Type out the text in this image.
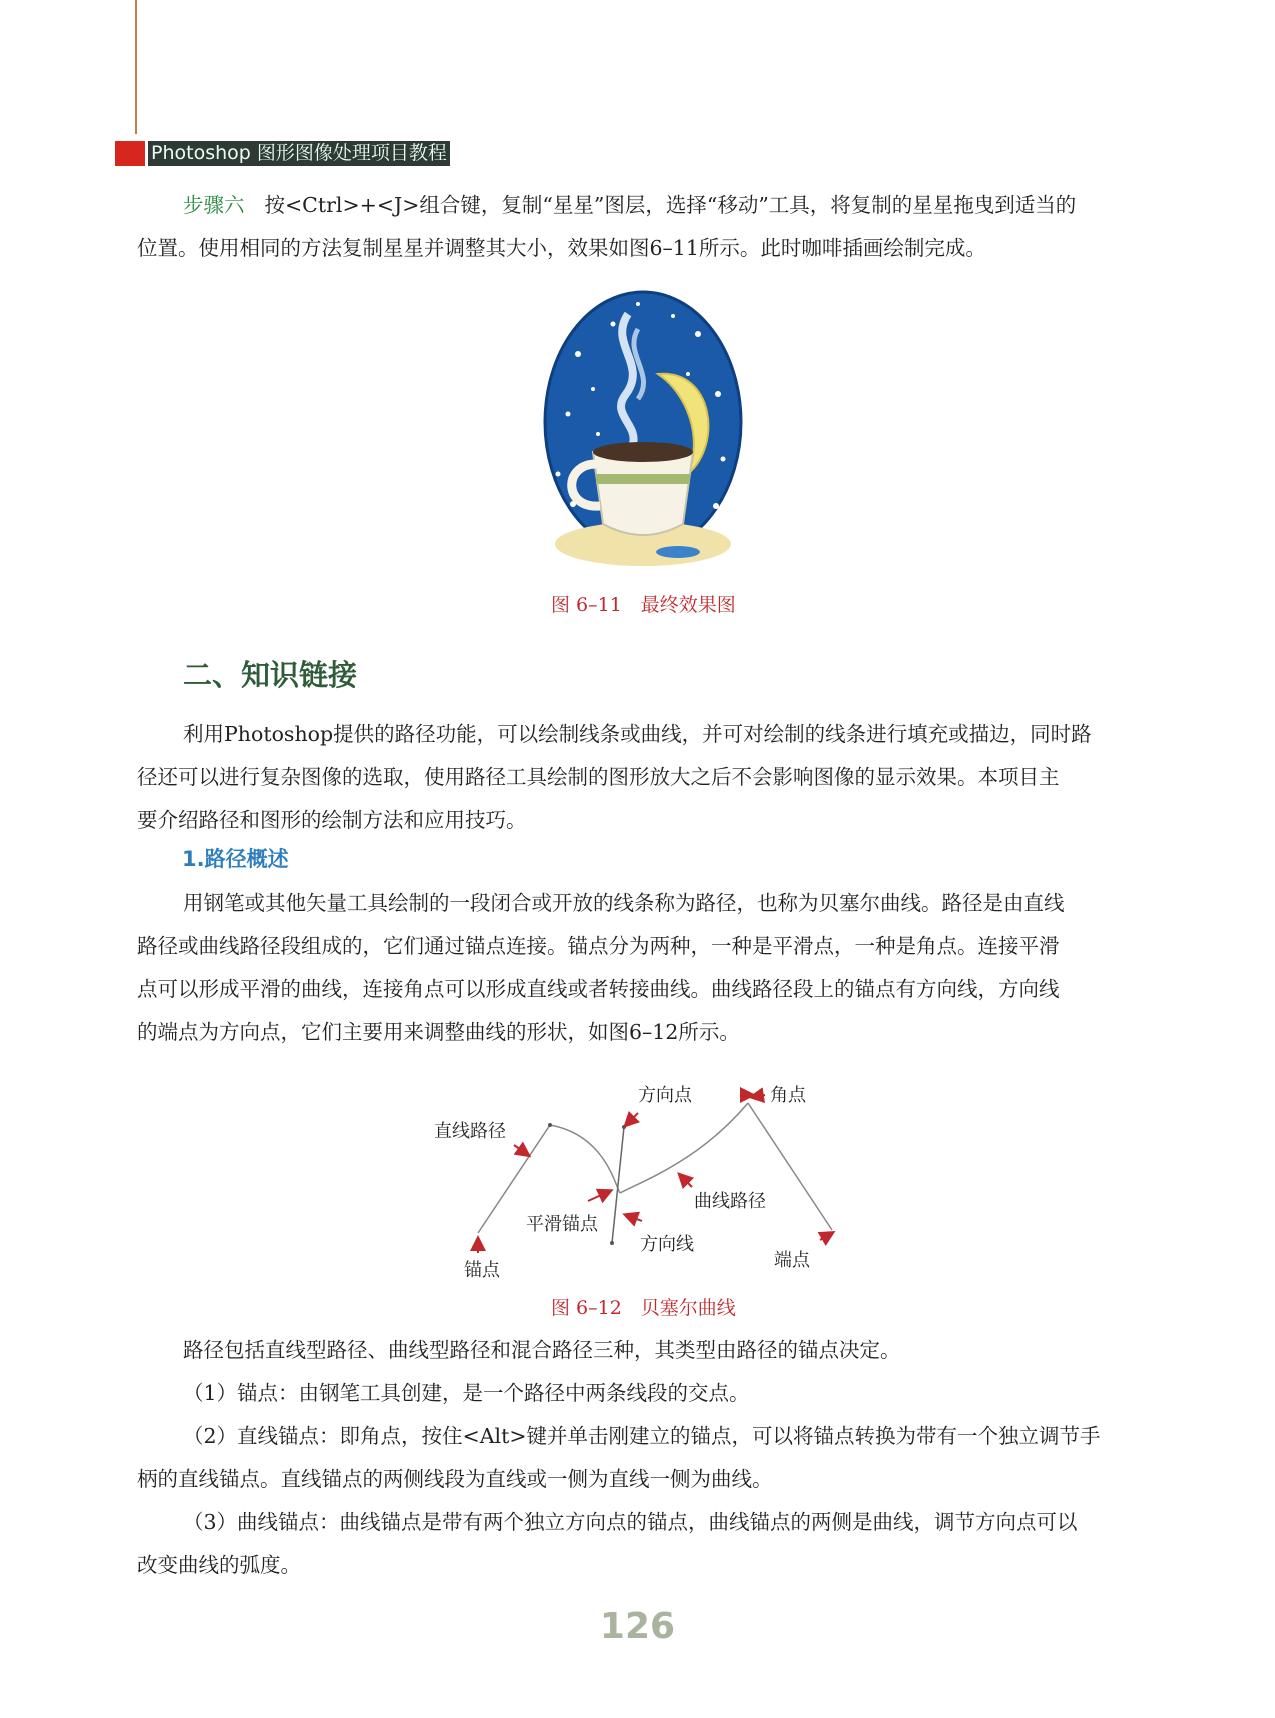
Photoshop 图形图像处理项目教程
步骤六 按<Ctrl>+<J>组合键，复制“星星”图层，选择“移动”工具，将复制的星星拖曳到适当的
位置。使用相同的方法复制星星并调整其大小，效果如图6–11所示。此时咖啡插画绘制完成。
图 6–11　最终效果图
二、知识链接
利用Photoshop提供的路径功能，可以绘制线条或曲线，并可对绘制的线条进行填充或描边，同时路
径还可以进行复杂图像的选取，使用路径工具绘制的图形放大之后不会影响图像的显示效果。本项目主
要介绍路径和图形的绘制方法和应用技巧。
1.路径概述
用钢笔或其他矢量工具绘制的一段闭合或开放的线条称为路径，也称为贝塞尔曲线。路径是由直线
路径或曲线路径段组成的，它们通过锚点连接。锚点分为两种，一种是平滑点，一种是角点。连接平滑
点可以形成平滑的曲线，连接角点可以形成直线或者转接曲线。曲线路径段上的锚点有方向线，方向线
的端点为方向点，它们主要用来调整曲线的形状，如图6–12所示。
方向点	角点
直线路径
曲线路径
平滑锚点
方向线
锚点	端点
图 6–12　贝塞尔曲线
路径包括直线型路径、曲线型路径和混合路径三种，其类型由路径的锚点决定。
（1）锚点：由钢笔工具创建，是一个路径中两条线段的交点。
（2）直线锚点：即角点，按住<Alt>键并单击刚建立的锚点，可以将锚点转换为带有一个独立调节手
柄的直线锚点。直线锚点的两侧线段为直线或一侧为直线一侧为曲线。
（3）曲线锚点：曲线锚点是带有两个独立方向点的锚点，曲线锚点的两侧是曲线，调节方向点可以
改变曲线的弧度。
126
